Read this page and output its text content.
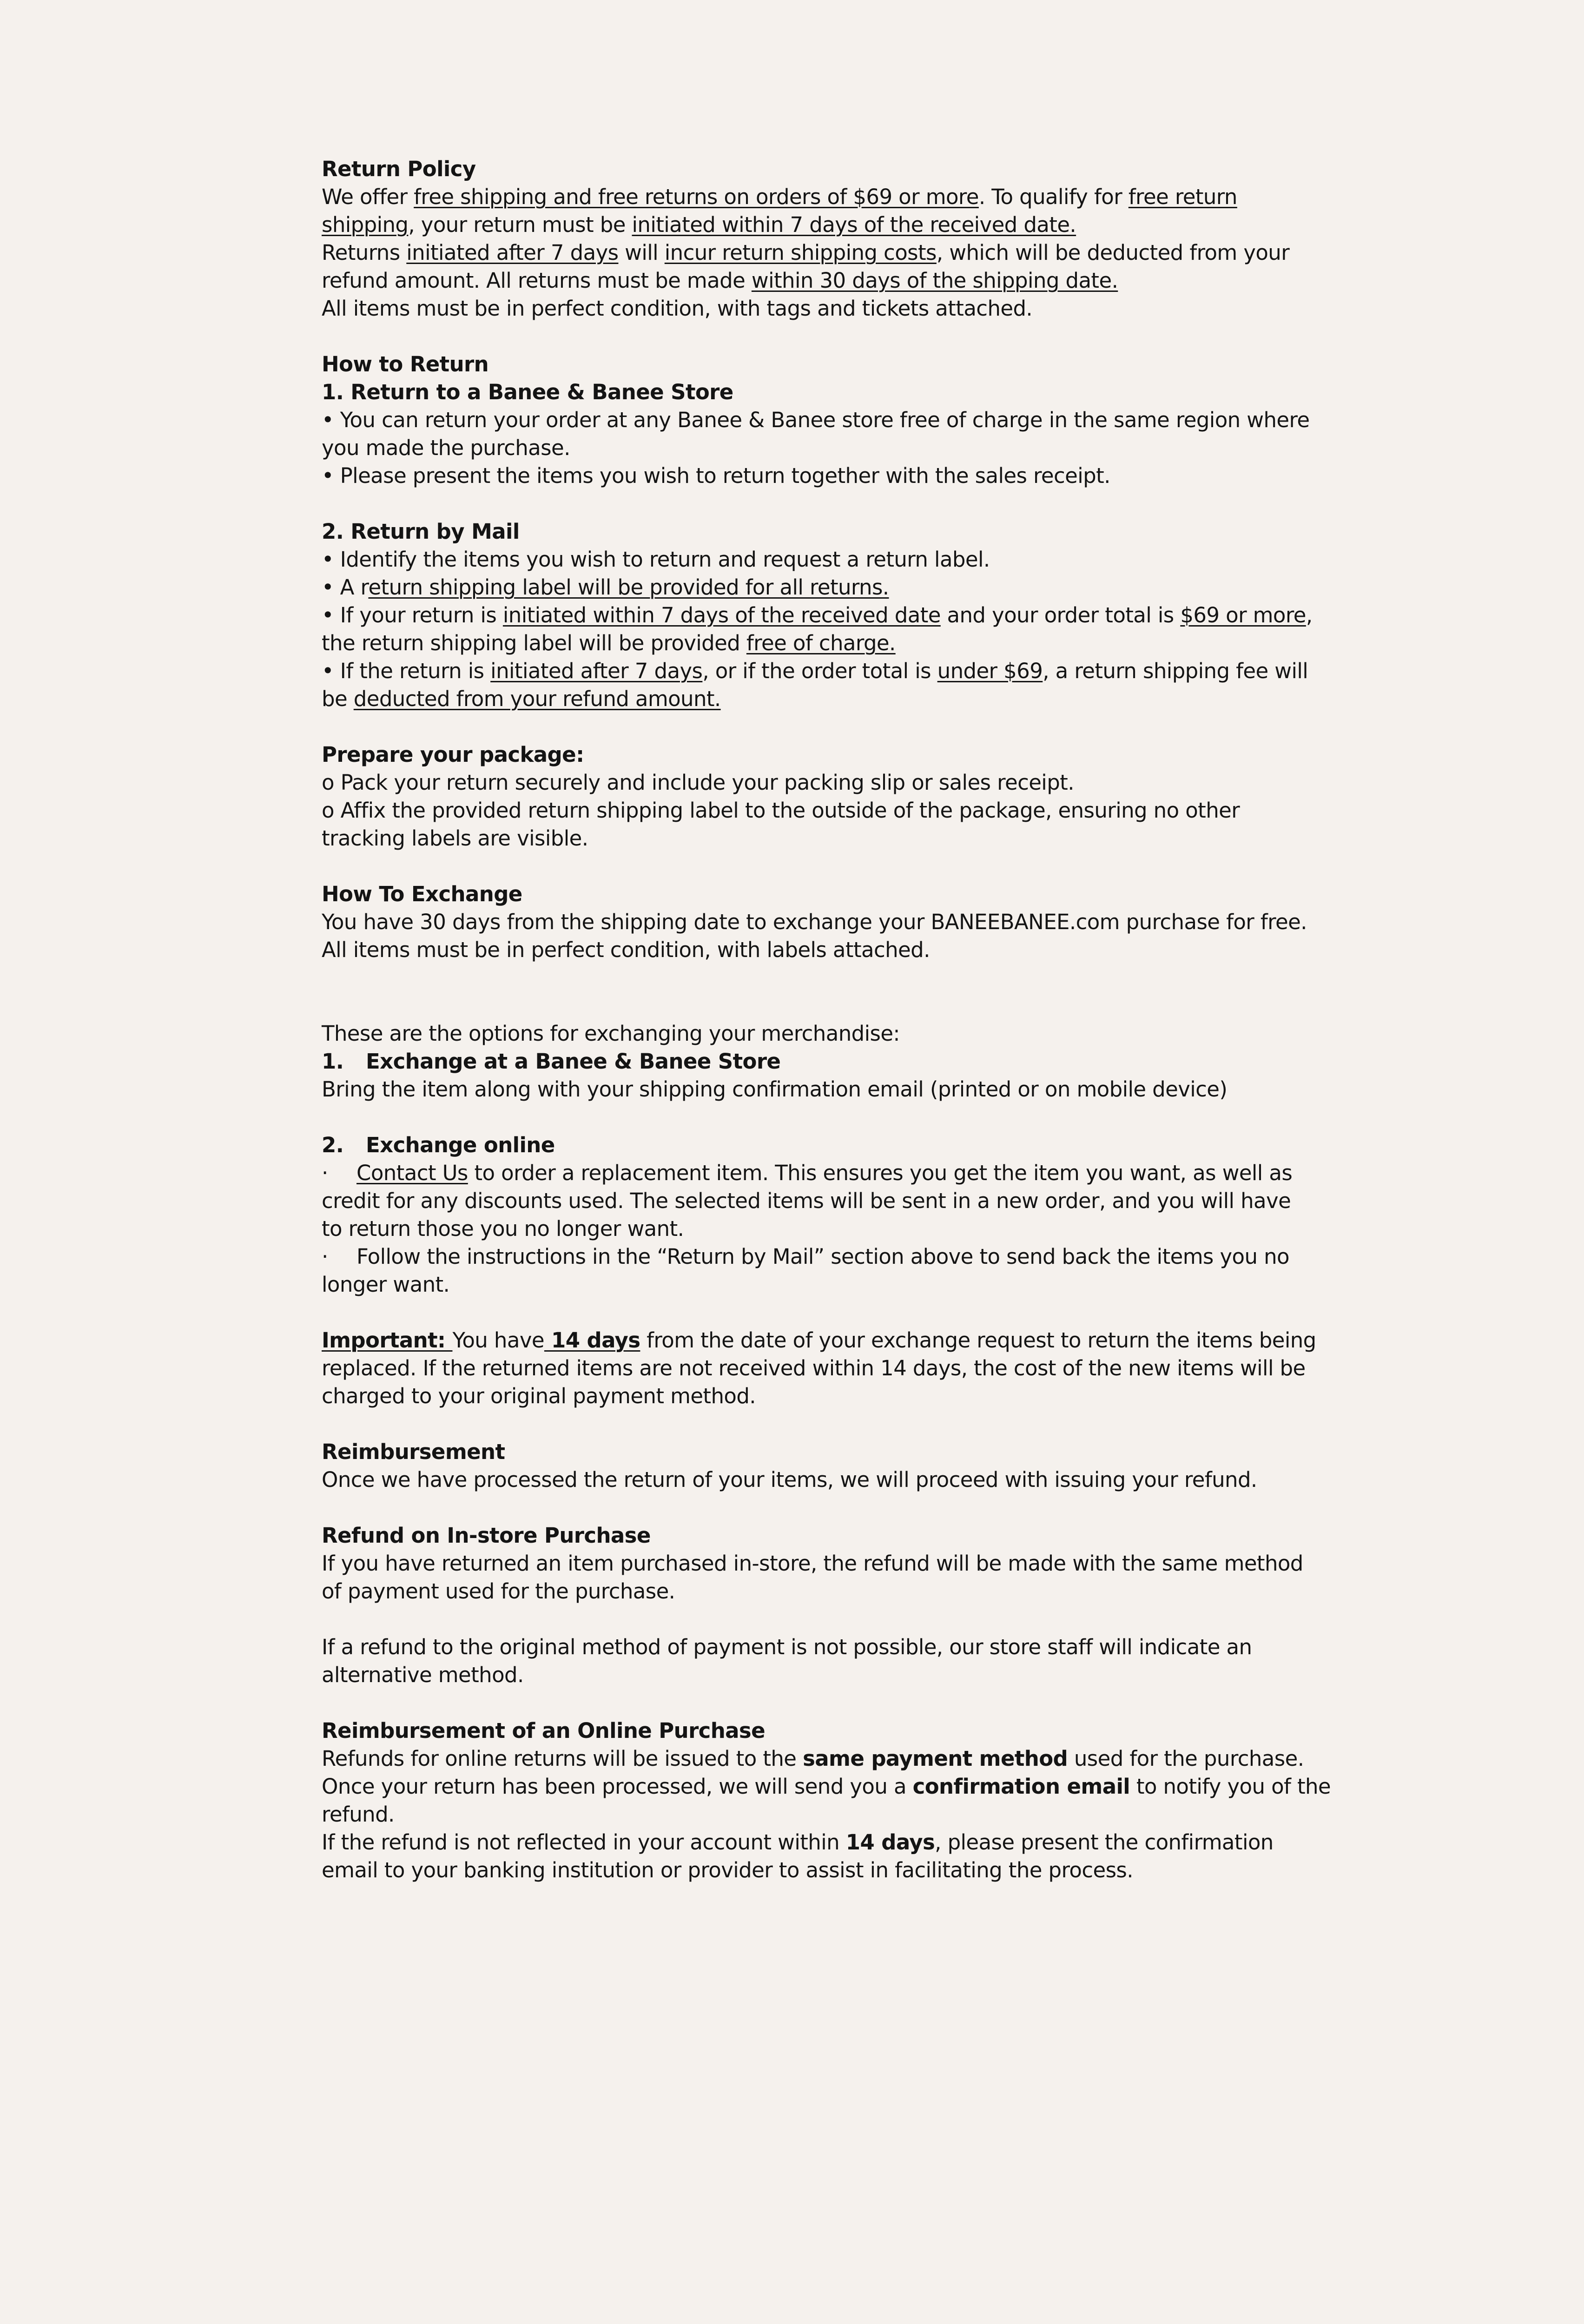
Return Policy
We offer free shipping and free returns on orders of $69 or more. To qualify for free return
shipping, your return must be initiated within 7 days of the received date.
Returns initiated after 7 days will incur return shipping costs, which will be deducted from your
refund amount. All returns must be made within 30 days of the shipping date.
All items must be in perfect condition, with tags and tickets attached.
How to Return
1. Return to a Banee & Banee Store
• You can return your order at any Banee & Banee store free of charge in the same region where
you made the purchase.
• Please present the items you wish to return together with the sales receipt.
2. Return by Mail
• Identify the items you wish to return and request a return label.
• A return shipping label will be provided for all returns.
• If your return is initiated within 7 days of the received date and your order total is $69 or more,
the return shipping label will be provided free of charge.
• If the return is initiated after 7 days, or if the order total is under $69, a return shipping fee will
be deducted from your refund amount.
Prepare your package:
o Pack your return securely and include your packing slip or sales receipt.
o Affix the provided return shipping label to the outside of the package, ensuring no other
tracking labels are visible.
How To Exchange
You have 30 days from the shipping date to exchange your BANEEBANEE.com purchase for free.
All items must be in perfect condition, with labels attached.
These are the options for exchanging your merchandise:
1. Exchange at a Banee & Banee Store
Bring the item along with your shipping confirmation email (printed or on mobile device)
2. Exchange online
· Contact Us to order a replacement item. This ensures you get the item you want, as well as
credit for any discounts used. The selected items will be sent in a new order, and you will have
to return those you no longer want.
· Follow the instructions in the “Return by Mail” section above to send back the items you no
longer want.
Important: You have 14 days from the date of your exchange request to return the items being
replaced. If the returned items are not received within 14 days, the cost of the new items will be
charged to your original payment method.
Reimbursement
Once we have processed the return of your items, we will proceed with issuing your refund.
Refund on In-store Purchase
If you have returned an item purchased in-store, the refund will be made with the same method
of payment used for the purchase.
If a refund to the original method of payment is not possible, our store staff will indicate an
alternative method.
Reimbursement of an Online Purchase
Refunds for online returns will be issued to the same payment method used for the purchase.
Once your return has been processed, we will send you a confirmation email to notify you of the
refund.
If the refund is not reflected in your account within 14 days, please present the confirmation
email to your banking institution or provider to assist in facilitating the process.
